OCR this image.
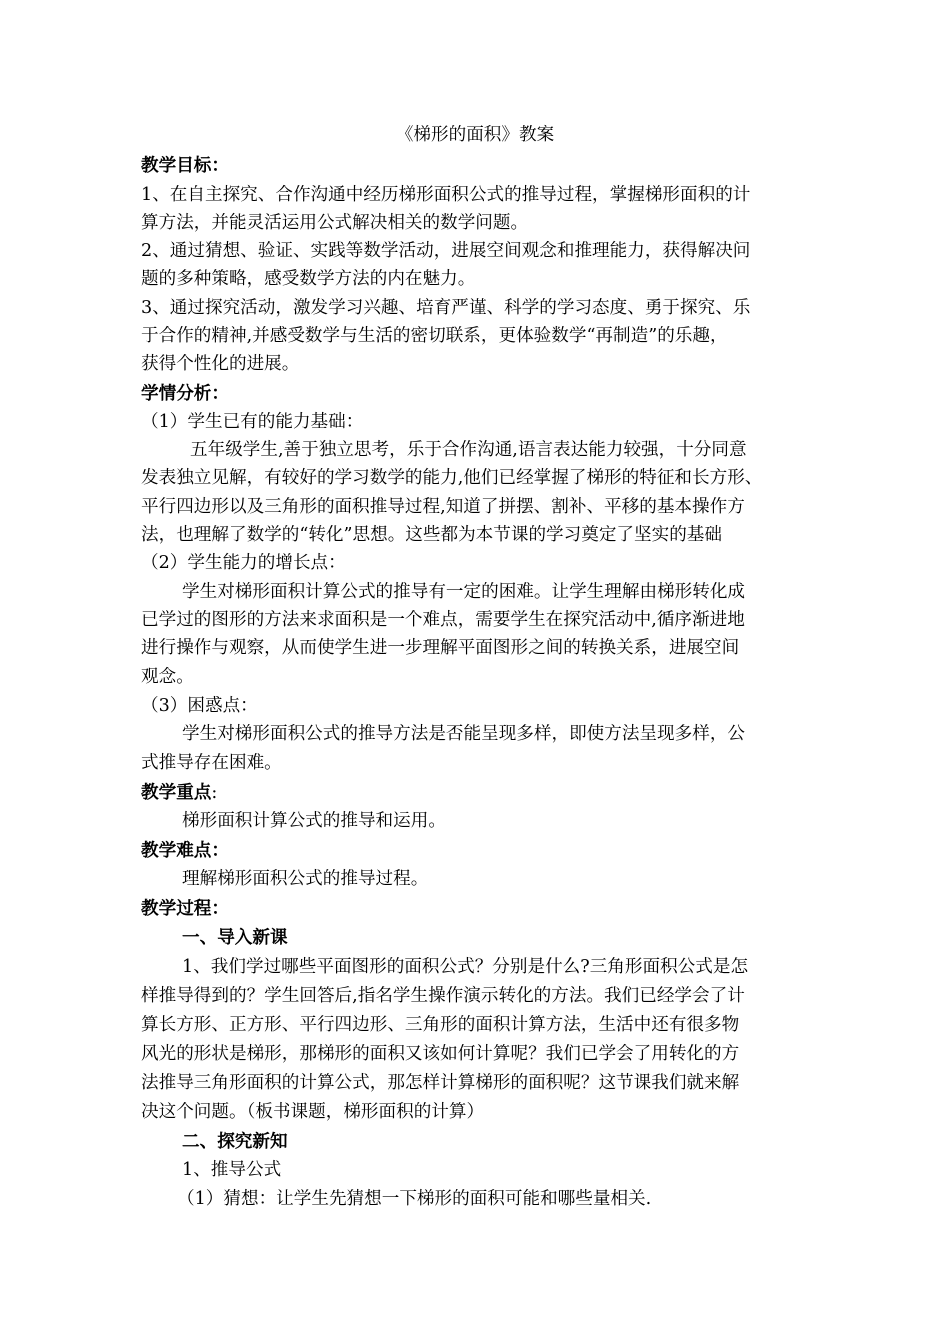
《梯形的面积》教案
教学目标：
1、在自主探究、合作沟通中经历梯形面积公式的推导过程，掌握梯形面积的计
算方法，并能灵活运用公式解决相关的数学问题。
2、通过猜想、验证、实践等数学活动，进展空间观念和推理能力，获得解决问
题的多种策略，感受数学方法的内在魅力。
3、通过探究活动，激发学习兴趣、培育严谨、科学的学习态度、勇于探究、乐
于合作的精神,并感受数学与生活的密切联系，更体验数学“再制造”的乐趣，
获得个性化的进展。
学情分析：
（1）学生已有的能力基础：
五年级学生,善于独立思考，乐于合作沟通,语言表达能力较强，十分同意
发表独立见解，有较好的学习数学的能力,他们已经掌握了梯形的特征和长方形、
平行四边形以及三角形的面积推导过程,知道了拼摆、割补、平移的基本操作方
法，也理解了数学的“转化”思想。这些都为本节课的学习奠定了坚实的基础
（2）学生能力的增长点：
学生对梯形面积计算公式的推导有一定的困难。让学生理解由梯形转化成
已学过的图形的方法来求面积是一个难点，需要学生在探究活动中,循序渐进地
进行操作与观察，从而使学生进一步理解平面图形之间的转换关系，进展空间
观念。
（3）困惑点：
学生对梯形面积公式的推导方法是否能呈现多样，即使方法呈现多样，公
式推导存在困难。
教学重点:
梯形面积计算公式的推导和运用。
教学难点：
理解梯形面积公式的推导过程。
教学过程：
一、导入新课
1、我们学过哪些平面图形的面积公式？分别是什么?三角形面积公式是怎
样推导得到的？学生回答后,指名学生操作演示转化的方法。我们已经学会了计
算长方形、正方形、平行四边形、三角形的面积计算方法，生活中还有很多物
风光的形状是梯形，那梯形的面积又该如何计算呢？我们已学会了用转化的方
法推导三角形面积的计算公式，那怎样计算梯形的面积呢？这节课我们就来解
决这个问题。（板书课题，梯形面积的计算）
二、探究新知
1、推导公式
（1）猜想：让学生先猜想一下梯形的面积可能和哪些量相关.
